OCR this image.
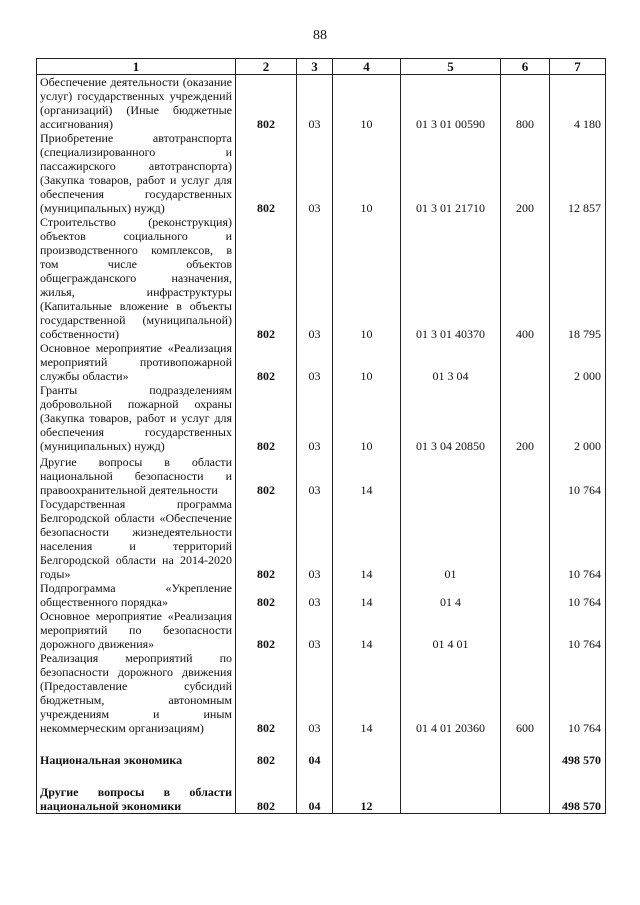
88
1	2	3	4	5	6	7
Обеспечение деятельности (оказание услуг) государственных учреждений (организаций) (Иные бюджетные ассигнования)	802	03	10	01 3 01 00590	800	4 180
Приобретение автотранспорта (специализированного и пассажирского автотранспорта) (Закупка товаров, работ и услуг для обеспечения государственных (муниципальных) нужд)	802	03	10	01 3 01 21710	200	12 857
Строительство (реконструкция) объектов социального и производственного комплексов, в том числе объектов общегражданского назначения, жилья, инфраструктуры (Капитальные вложение в объекты государственной (муниципальной) собственности)	802	03	10	01 3 01 40370	400	18 795
Основное мероприятие «Реализация мероприятий противопожарной службы области»	802	03	10	01 3 04		2 000
Гранты подразделениям добровольной пожарной охраны (Закупка товаров, работ и услуг для обеспечения государственных (муниципальных) нужд)	802	03	10	01 3 04 20850	200	2 000

Другие вопросы в области национальной безопасности и правоохранительной деятельности	802	03	14			10 764
Государственная программа Белгородской области «Обеспечение безопасности жизнедеятельности населения и территорий Белгородской области на 2014-2020 годы»	802	03	14	01		10 764
Подпрограмма «Укрепление общественного порядка»	802	03	14	01 4		10 764
Основное мероприятие «Реализация мероприятий по безопасности дорожного движения»	802	03	14	01 4 01		10 764
Реализация мероприятий по безопасности дорожного движения (Предоставление субсидий бюджетным, автономным учреждениям и иным некоммерческим организациям)	802	03	14	01 4 01 20360	600	10 764

Национальная экономика	802	04				498 570

Другие вопросы в области национальной экономики	802	04	12			498 570
